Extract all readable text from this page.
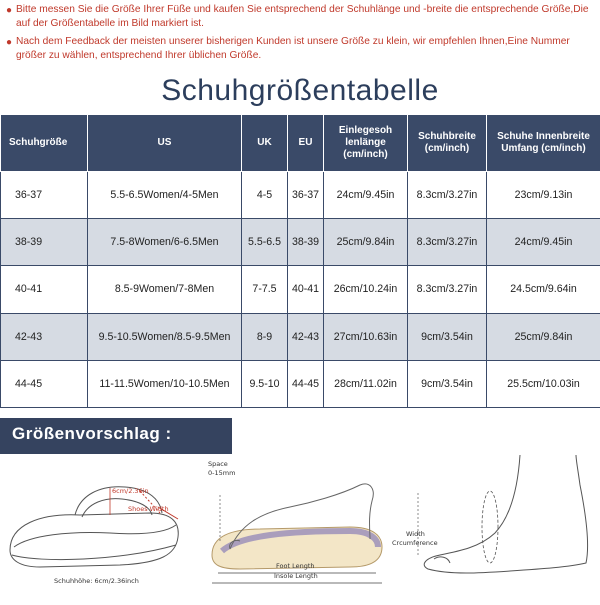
● Bitte messen Sie die Größe Ihrer Füße und kaufen Sie entsprechend der Schuhlänge und -breite die entsprechende Größe,Die auf der Größentabelle im Bild markiert ist.
● Nach dem Feedback der meisten unserer bisherigen Kunden ist unsere Größe zu klein, wir empfehlen Ihnen,Eine Nummer größer zu wählen, entsprechend Ihrer üblichen Größe.
Schuhgrößentabelle
Schuhgröße	US	UK	EU	Einlegesoh lenlänge (cm/inch)	Schuhbreite (cm/inch)	Schuhe Innenbreite Umfang (cm/inch)
36-37	5.5-6.5Women/4-5Men	4-5	36-37	24cm/9.45in	8.3cm/3.27in	23cm/9.13in
38-39	7.5-8Women/6-6.5Men	5.5-6.5	38-39	25cm/9.84in	8.3cm/3.27in	24cm/9.45in
40-41	8.5-9Women/7-8Men	7-7.5	40-41	26cm/10.24in	8.3cm/3.27in	24.5cm/9.64in
42-43	9.5-10.5Women/8.5-9.5Men	8-9	42-43	27cm/10.63in	9cm/3.54in	25cm/9.84in
44-45	11-11.5Women/10-10.5Men	9.5-10	44-45	28cm/11.02in	9cm/3.54in	25.5cm/10.03in
Größenvorschlag :
6cm/2.36in
Shoes Width
Schuhhöhe: 6cm/2.36inch
Space
0-15mm
Foot Length
Insole Length
Width
Crcumference
